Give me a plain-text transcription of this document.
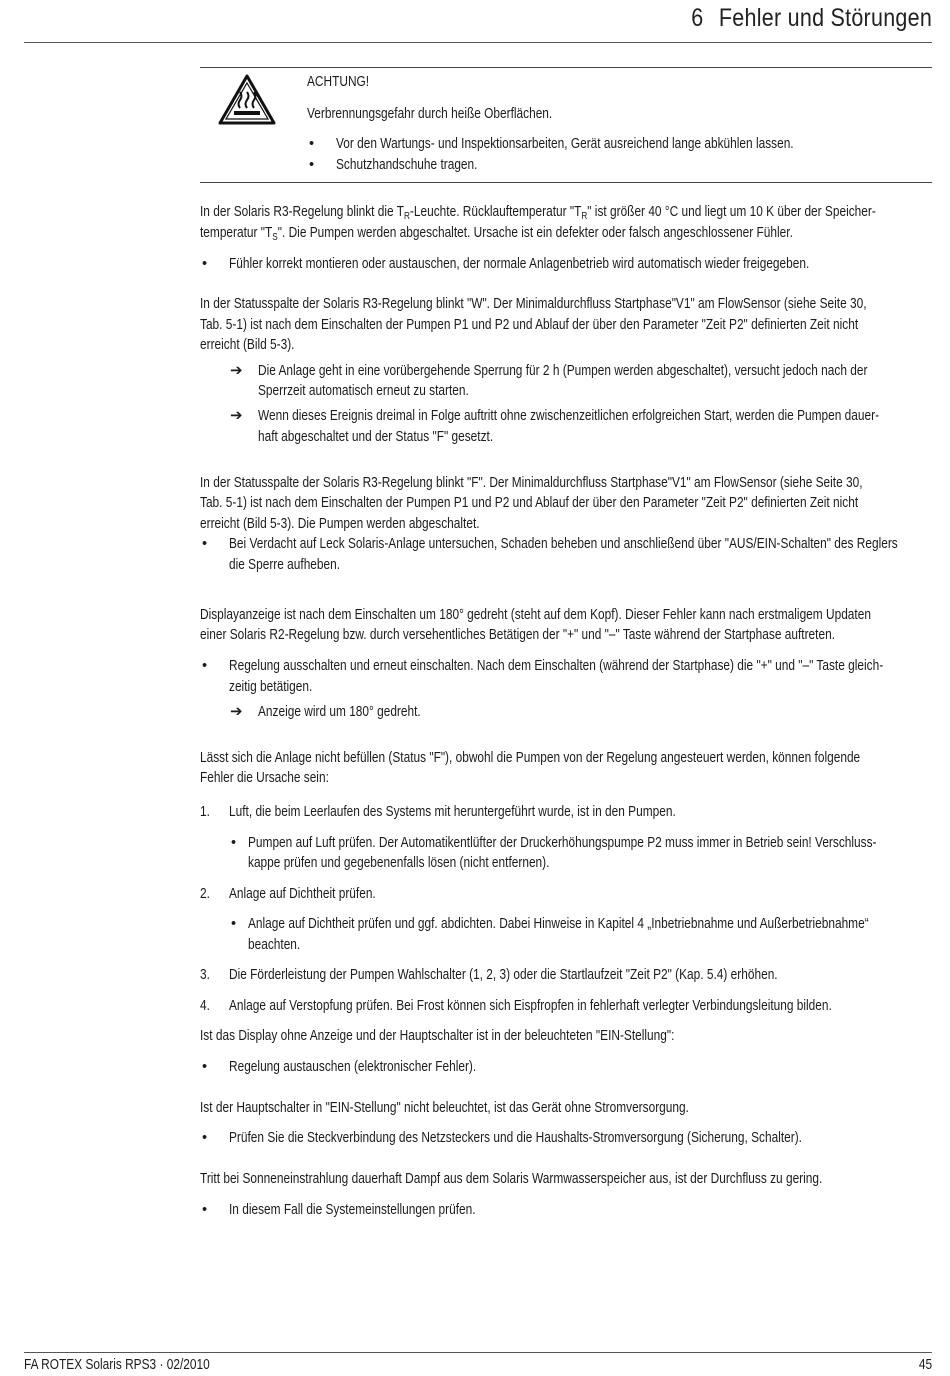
6 Fehler und Störungen
ACHTUNG!
Verbrennungsgefahr durch heiße Oberflächen.
• Vor den Wartungs- und Inspektionsarbeiten, Gerät ausreichend lange abkühlen lassen.
• Schutzhandschuhe tragen.
In der Solaris R3-Regelung blinkt die $T_R$-Leuchte. Rücklauftemperatur "$T_R$" ist größer 40 °C und liegt um 10 K über der Speicher-
temperatur "$T_S$". Die Pumpen werden abgeschaltet. Ursache ist ein defekter oder falsch angeschlossener Fühler.
• Fühler korrekt montieren oder austauschen, der normale Anlagenbetrieb wird automatisch wieder freigegeben.
In der Statusspalte der Solaris R3-Regelung blinkt "W". Der Minimaldurchfluss Startphase"V1" am FlowSensor (siehe Seite 30,
Tab. 5-1) ist nach dem Einschalten der Pumpen P1 und P2 und Ablauf der über den Parameter "Zeit P2" definierten Zeit nicht
erreicht (Bild 5-3).
➔ Die Anlage geht in eine vorübergehende Sperrung für 2 h (Pumpen werden abgeschaltet), versucht jedoch nach der
Sperrzeit automatisch erneut zu starten.
➔ Wenn dieses Ereignis dreimal in Folge auftritt ohne zwischenzeitlichen erfolgreichen Start, werden die Pumpen dauer-
haft abgeschaltet und der Status "F" gesetzt.
In der Statusspalte der Solaris R3-Regelung blinkt "F". Der Minimaldurchfluss Startphase"V1" am FlowSensor (siehe Seite 30,
Tab. 5-1) ist nach dem Einschalten der Pumpen P1 und P2 und Ablauf der über den Parameter "Zeit P2" definierten Zeit nicht
erreicht (Bild 5-3). Die Pumpen werden abgeschaltet.
• Bei Verdacht auf Leck Solaris-Anlage untersuchen, Schaden beheben und anschließend über "AUS/EIN-Schalten" des Reglers
die Sperre aufheben.
Displayanzeige ist nach dem Einschalten um 180° gedreht (steht auf dem Kopf). Dieser Fehler kann nach erstmaligem Updaten
einer Solaris R2-Regelung bzw. durch versehentliches Betätigen der "+" und "–" Taste während der Startphase auftreten.
• Regelung ausschalten und erneut einschalten. Nach dem Einschalten (während der Startphase) die "+" und "–" Taste gleich-
zeitig betätigen.
➔ Anzeige wird um 180° gedreht.
Lässt sich die Anlage nicht befüllen (Status "F"), obwohl die Pumpen von der Regelung angesteuert werden, können folgende
Fehler die Ursache sein:
1. Luft, die beim Leerlaufen des Systems mit heruntergeführt wurde, ist in den Pumpen.
• Pumpen auf Luft prüfen. Der Automatikentlüfter der Druckerhöhungspumpe P2 muss immer in Betrieb sein! Verschluss-
kappe prüfen und gegebenenfalls lösen (nicht entfernen).
2. Anlage auf Dichtheit prüfen.
• Anlage auf Dichtheit prüfen und ggf. abdichten. Dabei Hinweise in Kapitel 4 „Inbetriebnahme und Außerbetriebnahme“
beachten.
3. Die Förderleistung der Pumpen Wahlschalter (1, 2, 3) oder die Startlaufzeit "Zeit P2" (Kap. 5.4) erhöhen.
4. Anlage auf Verstopfung prüfen. Bei Frost können sich Eispfropfen in fehlerhaft verlegter Verbindungsleitung bilden.
Ist das Display ohne Anzeige und der Hauptschalter ist in der beleuchteten "EIN-Stellung":
• Regelung austauschen (elektronischer Fehler).
Ist der Hauptschalter in "EIN-Stellung" nicht beleuchtet, ist das Gerät ohne Stromversorgung.
• Prüfen Sie die Steckverbindung des Netzsteckers und die Haushalts-Stromversorgung (Sicherung, Schalter).
Tritt bei Sonneneinstrahlung dauerhaft Dampf aus dem Solaris Warmwasserspeicher aus, ist der Durchfluss zu gering.
• In diesem Fall die Systemeinstellungen prüfen.
FA ROTEX Solaris RPS3 · 02/2010	45
